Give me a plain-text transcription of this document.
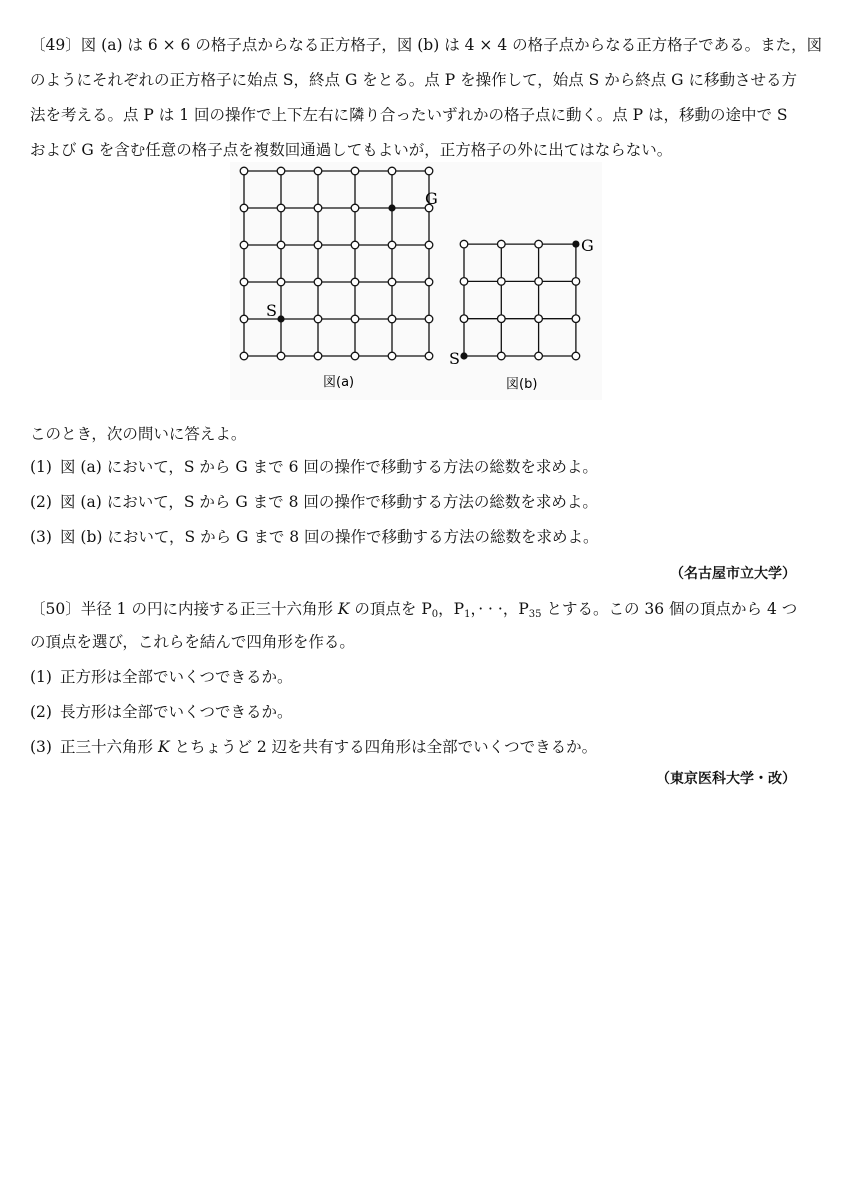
〔49〕図 (a) は 6 × 6 の格子点からなる正方格子，図 (b) は 4 × 4 の格子点からなる正方格子である。また，図
のようにそれぞれの正方格子に始点 S，終点 G をとる。点 P を操作して，始点 S から終点 G に移動させる方
法を考える。点 P は 1 回の操作で上下左右に隣り合ったいずれかの格子点に動く。点 P は，移動の途中で S
および G を含む任意の格子点を複数回通過してもよいが，正方格子の外に出てはならない。
G
S
G
S
図(a)	図(b)
このとき，次の問いに答えよ。
(1) 図 (a) において，S から G まで 6 回の操作で移動する方法の総数を求めよ。
(2) 図 (a) において，S から G まで 8 回の操作で移動する方法の総数を求めよ。
(3) 図 (b) において，S から G まで 8 回の操作で移動する方法の総数を求めよ。
（名古屋市立大学）
〔50〕半径 1 の円に内接する正三十六角形 K の頂点を $P_0$，$P_1$，· · ·，$P_{35}$ とする。この 36 個の頂点から 4 つ
の頂点を選び，これらを結んで四角形を作る。
(1) 正方形は全部でいくつできるか。
(2) 長方形は全部でいくつできるか。
(3) 正三十六角形 K とちょうど 2 辺を共有する四角形は全部でいくつできるか。
（東京医科大学・改）
